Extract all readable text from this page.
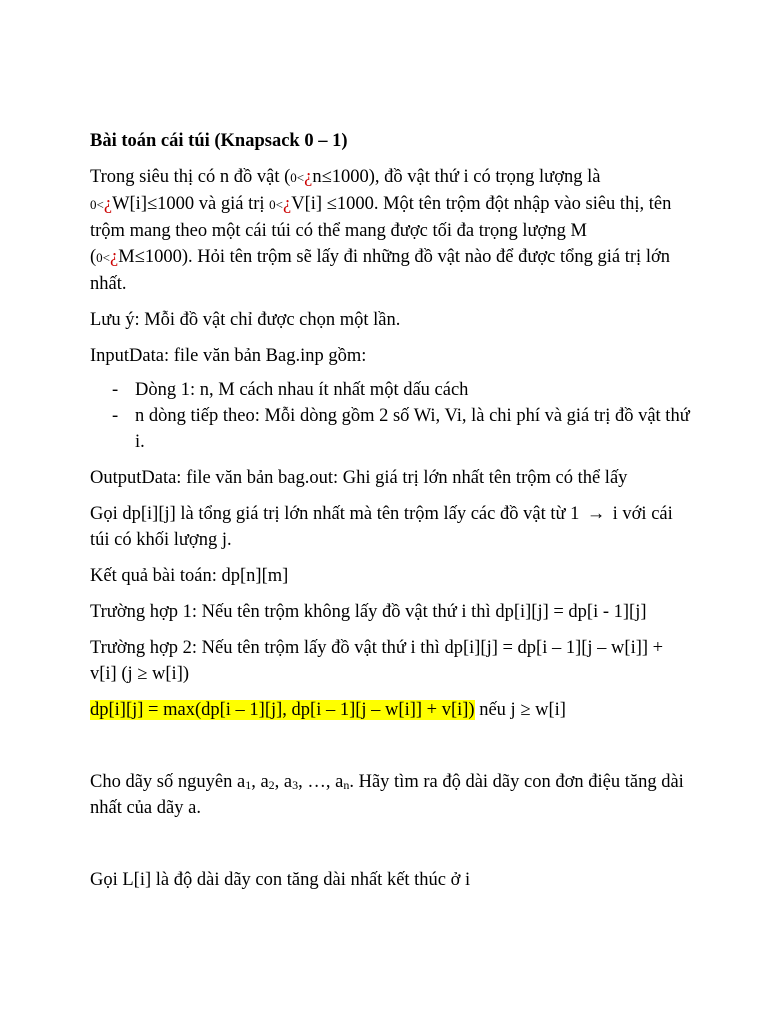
Bài toán cái túi (Knapsack 0 – 1)

Trong siêu thị có n đồ vật (0<¿n≤1000), đồ vật thứ i có trọng lượng là 0<¿W[i]≤1000 và giá trị 0<¿V[i] ≤1000. Một tên trộm đột nhập vào siêu thị, tên trộm mang theo một cái túi có thể mang được tối đa trọng lượng M (0<¿M≤1000). Hỏi tên trộm sẽ lấy đi những đồ vật nào để được tổng giá trị lớn nhất.

Lưu ý: Mỗi đồ vật chỉ được chọn một lần.

InputData: file văn bản Bag.inp gồm:

- Dòng 1: n, M cách nhau ít nhất một dấu cách
- n dòng tiếp theo: Mỗi dòng gồm 2 số Wi, Vi, là chi phí và giá trị đồ vật thứ i.

OutputData: file văn bản bag.out: Ghi giá trị lớn nhất tên trộm có thể lấy

Gọi dp[i][j] là tổng giá trị lớn nhất mà tên trộm lấy các đồ vật từ 1 → i với cái túi có khối lượng j.

Kết quả bài toán: dp[n][m]

Trường hợp 1: Nếu tên trộm không lấy đồ vật thứ i thì dp[i][j] = dp[i - 1][j]

Trường hợp 2: Nếu tên trộm lấy đồ vật thứ i thì dp[i][j] = dp[i – 1][j – w[i]] + v[i] (j ≥ w[i])

dp[i][j] = max(dp[i – 1][j], dp[i – 1][j – w[i]] + v[i]) nếu j ≥ w[i]

Cho dãy số nguyên $a_1$, $a_2$, $a_3$, …, $a_n$. Hãy tìm ra độ dài dãy con đơn điệu tăng dài nhất của dãy a.

Gọi L[i] là độ dài dãy con tăng dài nhất kết thúc ở i
